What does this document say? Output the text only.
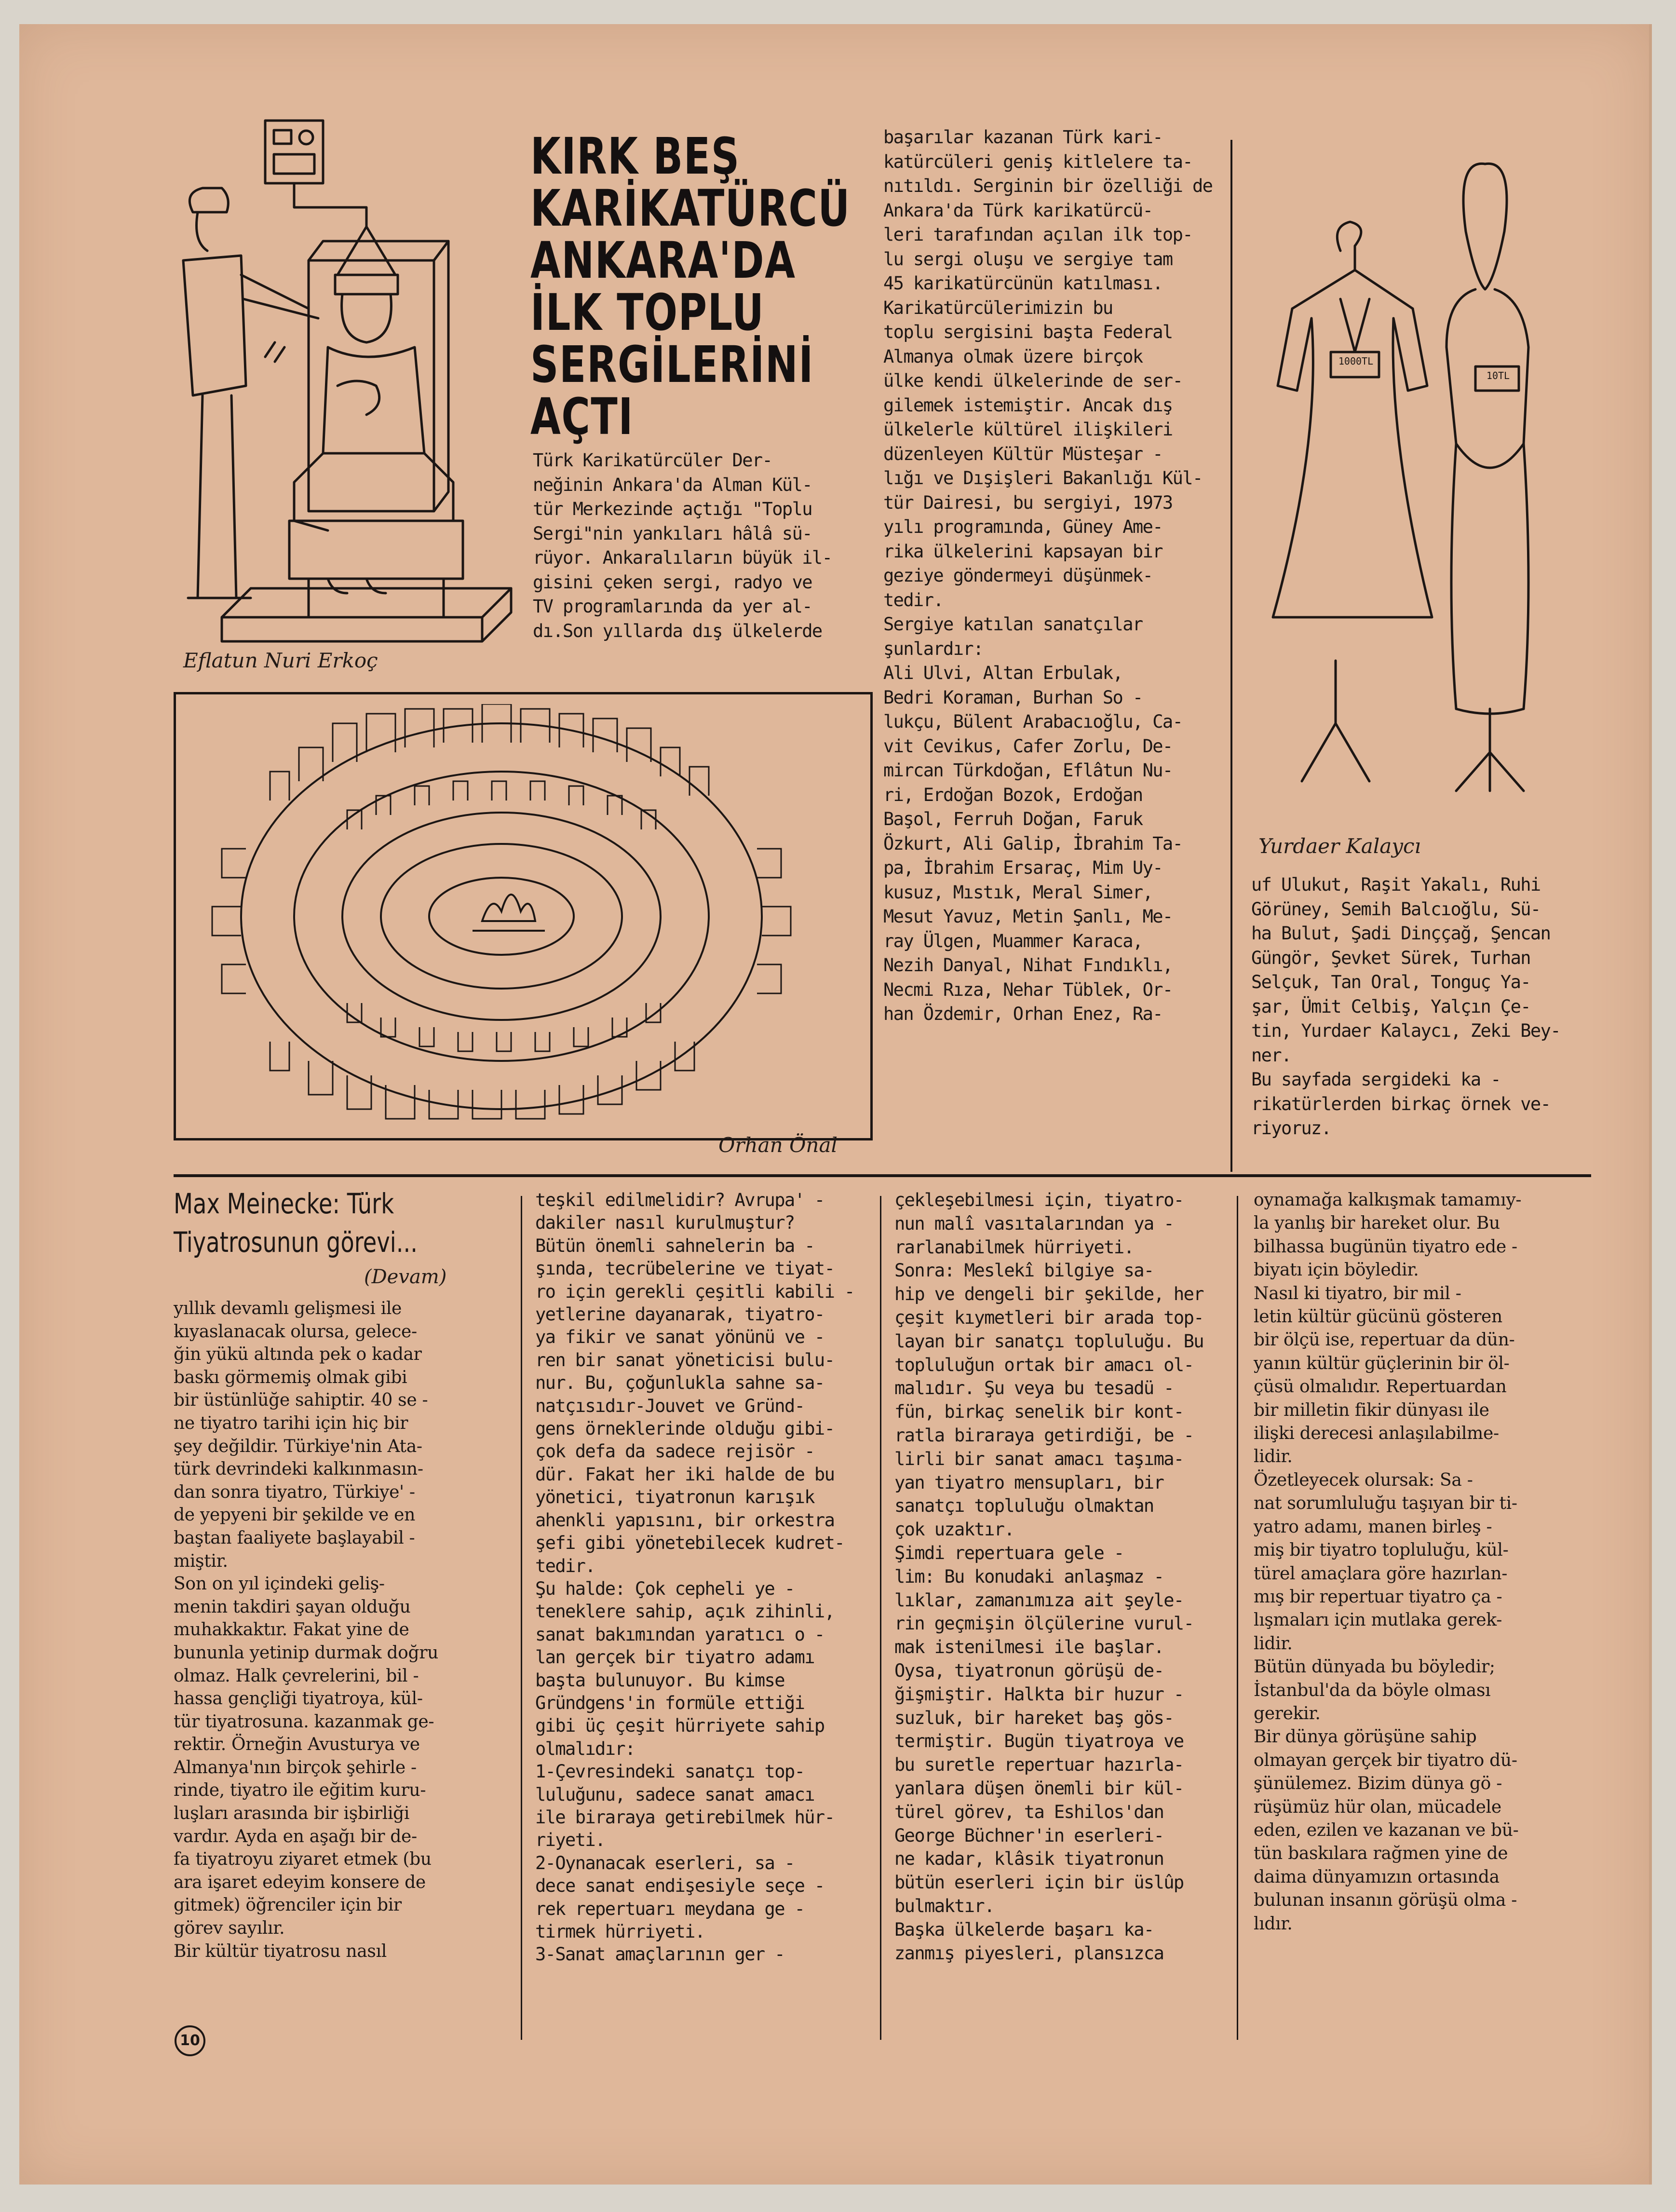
Eflatun Nuri Erkoç
KIRK BEŞ
KARİKATÜRCÜ
ANKARA'DA
İLK TOPLU
SERGİLERİNİ
AÇTI
Türk Karikatürcüler Der-
neğinin Ankara'da Alman Kül-
tür Merkezinde açtığı "Toplu
Sergi"nin yankıları hâlâ sü-
rüyor. Ankaralıların büyük il-
gisini çeken sergi, radyo ve
TV programlarında da yer al-
dı.Son yıllarda dış ülkelerde
Orhan Önal
başarılar kazanan Türk kari-
katürcüleri geniş kitlelere ta-
nıtıldı. Serginin bir özelliği de
Ankara'da Türk karikatürcü-
leri tarafından açılan ilk top-
lu sergi oluşu ve sergiye tam
45 karikatürcünün katılması.
Karikatürcülerimizin bu
toplu sergisini başta Federal
Almanya olmak üzere birçok
ülke kendi ülkelerinde de ser-
gilemek istemiştir. Ancak dış
ülkelerle kültürel ilişkileri
düzenleyen Kültür Müsteşar -
lığı ve Dışişleri Bakanlığı Kül-
tür Dairesi, bu sergiyi, 1973
yılı programında, Güney Ame-
rika ülkelerini kapsayan bir
geziye göndermeyi düşünmek-
tedir.
Sergiye katılan sanatçılar
şunlardır:
Ali Ulvi, Altan Erbulak,
Bedri Koraman, Burhan So -
lukçu, Bülent Arabacıoğlu, Ca-
vit Cevikus, Cafer Zorlu, De-
mircan Türkdoğan, Eflâtun Nu-
ri, Erdoğan Bozok, Erdoğan
Başol, Ferruh Doğan, Faruk
Özkurt, Ali Galip, İbrahim Ta-
pa, İbrahim Ersaraç, Mim Uy-
kusuz, Mıstık, Meral Simer,
Mesut Yavuz, Metin Şanlı, Me-
ray Ülgen, Muammer Karaca,
Nezih Danyal, Nihat Fındıklı,
Necmi Rıza, Nehar Tüblek, Or-
han Özdemir, Orhan Enez, Ra-
1000TL
10TL
Yurdaer Kalaycı
uf Ulukut, Raşit Yakalı, Ruhi
Görüney, Semih Balcıoğlu, Sü-
ha Bulut, Şadi Dinççağ, Şencan
Güngör, Şevket Sürek, Turhan
Selçuk, Tan Oral, Tonguç Ya-
şar, Ümit Celbiş, Yalçın Çe-
tin, Yurdaer Kalaycı, Zeki Bey-
ner.
Bu sayfada sergideki ka -
rikatürlerden birkaç örnek ve-
riyoruz.
Max Meinecke: Türk
Tiyatrosunun görevi...
(Devam)
yıllık devamlı gelişmesi ile
kıyaslanacak olursa, gelece-
ğin yükü altında pek o kadar
baskı görmemiş olmak gibi
bir üstünlüğe sahiptir. 40 se -
ne tiyatro tarihi için hiç bir
şey değildir. Türkiye'nin Ata-
türk devrindeki kalkınmasın-
dan sonra tiyatro, Türkiye' -
de yepyeni bir şekilde ve en
baştan faaliyete başlayabil -
miştir.
Son on yıl içindeki geliş-
menin takdiri şayan olduğu
muhakkaktır. Fakat yine de
bununla yetinip durmak doğru
olmaz. Halk çevrelerini, bil -
hassa gençliği tiyatroya, kül-
tür tiyatrosuna. kazanmak ge-
rektir. Örneğin Avusturya ve
Almanya'nın birçok şehirle -
rinde, tiyatro ile eğitim kuru-
luşları arasında bir işbirliği
vardır. Ayda en aşağı bir de-
fa tiyatroyu ziyaret etmek (bu
ara işaret edeyim konsere de
gitmek) öğrenciler için bir
görev sayılır.
Bir kültür tiyatrosu nasıl
teşkil edilmelidir? Avrupa' -
dakiler nasıl kurulmuştur?
Bütün önemli sahnelerin ba -
şında, tecrübelerine ve tiyat-
ro için gerekli çeşitli kabili -
yetlerine dayanarak, tiyatro-
ya fikir ve sanat yönünü ve -
ren bir sanat yöneticisi bulu-
nur. Bu, çoğunlukla sahne sa-
natçısıdır-Jouvet ve Gründ-
gens örneklerinde olduğu gibi-
çok defa da sadece rejisör -
dür. Fakat her iki halde de bu
yönetici, tiyatronun karışık
ahenkli yapısını, bir orkestra
şefi gibi yönetebilecek kudret-
tedir.
Şu halde: Çok cepheli ye -
teneklere sahip, açık zihinli,
sanat bakımından yaratıcı o -
lan gerçek bir tiyatro adamı
başta bulunuyor. Bu kimse
Gründgens'in formüle ettiği
gibi üç çeşit hürriyete sahip
olmalıdır:
1-Çevresindeki sanatçı top-
luluğunu, sadece sanat amacı
ile biraraya getirebilmek hür-
riyeti.
2-Oynanacak eserleri, sa -
dece sanat endişesiyle seçe -
rek repertuarı meydana ge -
tirmek hürriyeti.
3-Sanat amaçlarının ger -
çekleşebilmesi için, tiyatro-
nun malî vasıtalarından ya -
rarlanabilmek hürriyeti.
Sonra: Meslekî bilgiye sa-
hip ve dengeli bir şekilde, her
çeşit kıymetleri bir arada top-
layan bir sanatçı topluluğu. Bu
topluluğun ortak bir amacı ol-
malıdır. Şu veya bu tesadü -
fün, birkaç senelik bir kont-
ratla biraraya getirdiği, be -
lirli bir sanat amacı taşıma-
yan tiyatro mensupları, bir
sanatçı topluluğu olmaktan
çok uzaktır.
Şimdi repertuara gele -
lim: Bu konudaki anlaşmaz -
lıklar, zamanımıza ait şeyle-
rin geçmişin ölçülerine vurul-
mak istenilmesi ile başlar.
Oysa, tiyatronun görüşü de-
ğişmiştir. Halkta bir huzur -
suzluk, bir hareket baş gös-
termiştir. Bugün tiyatroya ve
bu suretle repertuar hazırla-
yanlara düşen önemli bir kül-
türel görev, ta Eshilos'dan
George Büchner'in eserleri-
ne kadar, klâsik tiyatronun
bütün eserleri için bir üslûp
bulmaktır.
Başka ülkelerde başarı ka-
zanmış piyesleri, plansızca
oynamağa kalkışmak tamamıy-
la yanlış bir hareket olur. Bu
bilhassa bugünün tiyatro ede -
biyatı için böyledir.
Nasıl ki tiyatro, bir mil -
letin kültür gücünü gösteren
bir ölçü ise, repertuar da dün-
yanın kültür güçlerinin bir öl-
çüsü olmalıdır. Repertuardan
bir milletin fikir dünyası ile
ilişki derecesi anlaşılabilme-
lidir.
Özetleyecek olursak: Sa -
nat sorumluluğu taşıyan bir ti-
yatro adamı, manen birleş -
miş bir tiyatro topluluğu, kül-
türel amaçlara göre hazırlan-
mış bir repertuar tiyatro ça -
lışmaları için mutlaka gerek-
lidir.
Bütün dünyada bu böyledir;
İstanbul'da da böyle olması
gerekir.
Bir dünya görüşüne sahip
olmayan gerçek bir tiyatro dü-
şünülemez. Bizim dünya gö -
rüşümüz hür olan, mücadele
eden, ezilen ve kazanan ve bü-
tün baskılara rağmen yine de
daima dünyamızın ortasında
bulunan insanın görüşü olma -
lıdır.
10
